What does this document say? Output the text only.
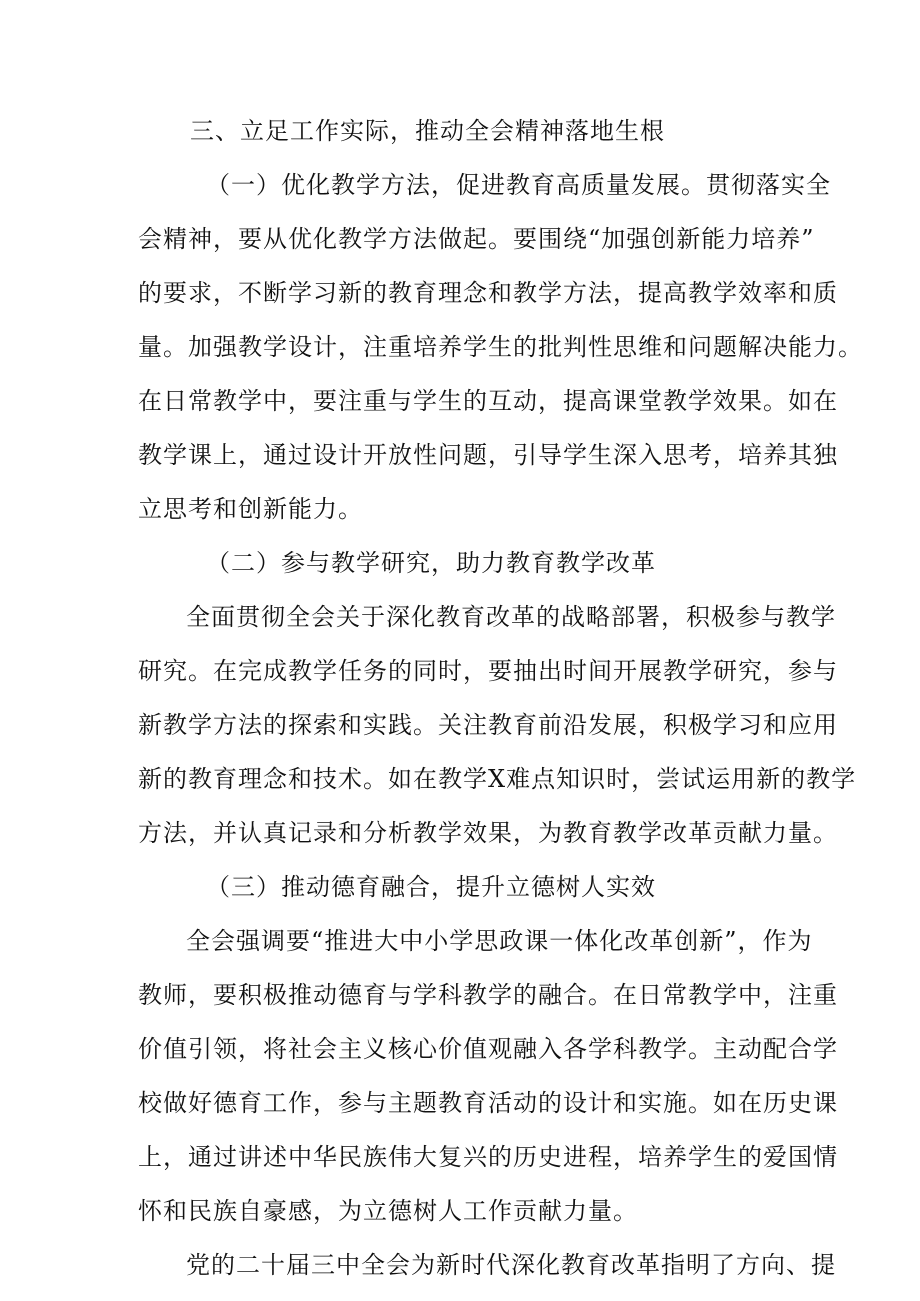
三、立足工作实际，推动全会精神落地生根
（一）优化教学方法，促进教育高质量发展。贯彻落实全
会精神，要从优化教学方法做起。要围绕“加强创新能力培养”
的要求，不断学习新的教育理念和教学方法，提高教学效率和质
量。加强教学设计，注重培养学生的批判性思维和问题解决能力。
在日常教学中，要注重与学生的互动，提高课堂教学效果。如在
教学课上，通过设计开放性问题，引导学生深入思考，培养其独
立思考和创新能力。
（二）参与教学研究，助力教育教学改革
全面贯彻全会关于深化教育改革的战略部署，积极参与教学
研究。在完成教学任务的同时，要抽出时间开展教学研究，参与
新教学方法的探索和实践。关注教育前沿发展，积极学习和应用
新的教育理念和技术。如在教学X难点知识时，尝试运用新的教学
方法，并认真记录和分析教学效果，为教育教学改革贡献力量。
（三）推动德育融合，提升立德树人实效
全会强调要“推进大中小学思政课一体化改革创新”，作为
教师，要积极推动德育与学科教学的融合。在日常教学中，注重
价值引领，将社会主义核心价值观融入各学科教学。主动配合学
校做好德育工作，参与主题教育活动的设计和实施。如在历史课
上，通过讲述中华民族伟大复兴的历史进程，培养学生的爱国情
怀和民族自豪感，为立德树人工作贡献力量。
党的二十届三中全会为新时代深化教育改革指明了方向、提
